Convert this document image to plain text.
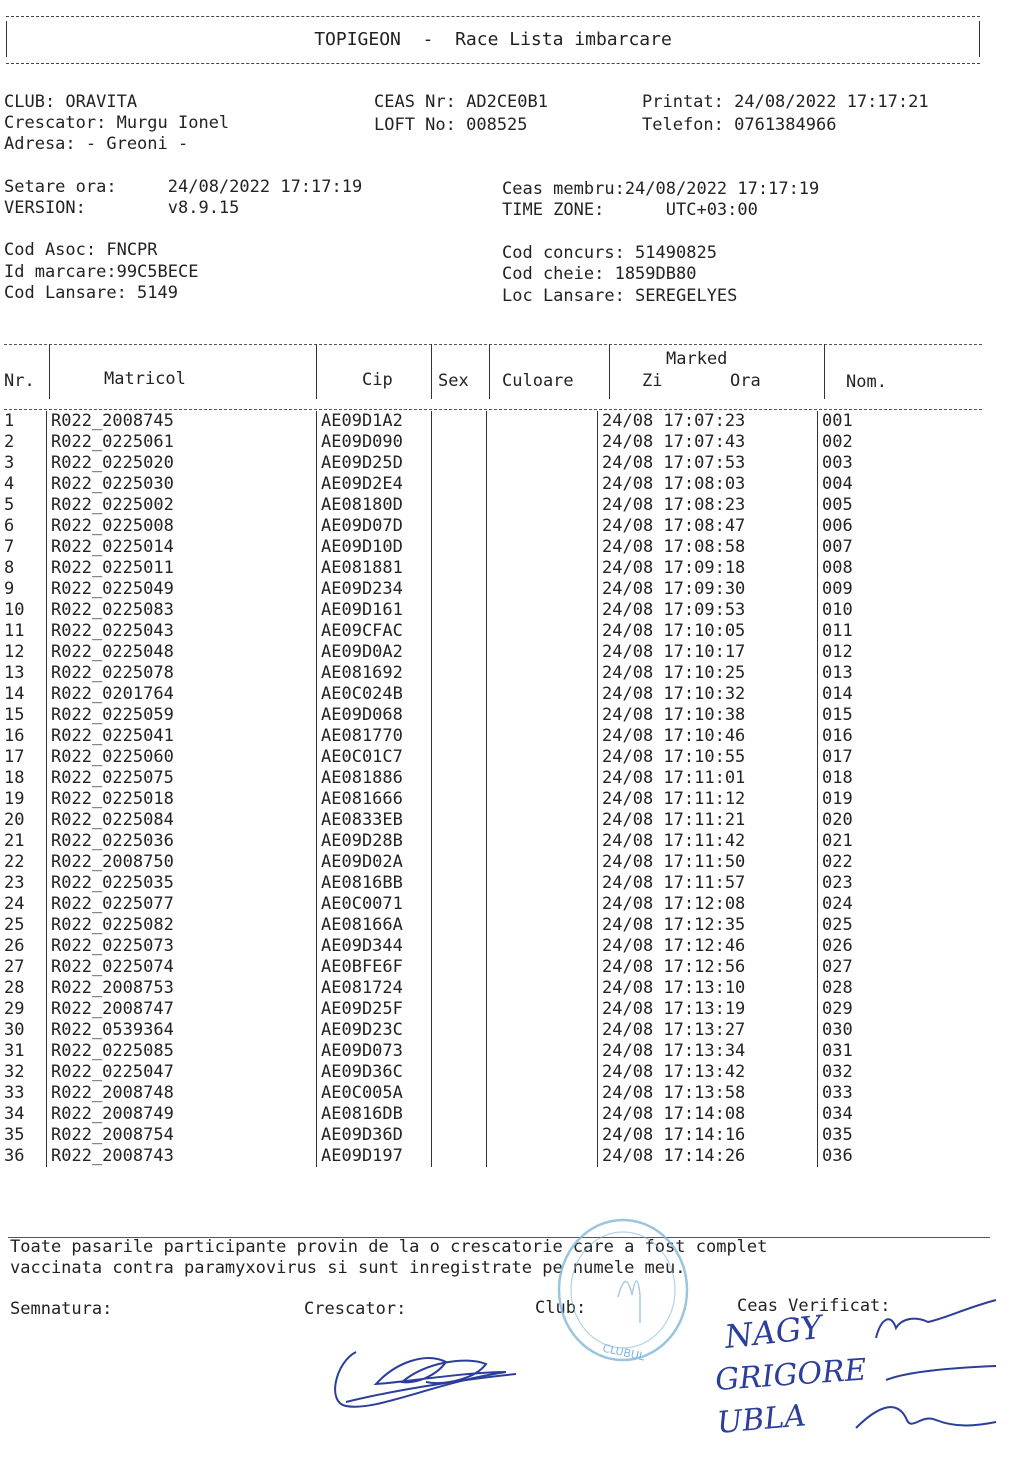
TOPIGEON  -  Race Lista imbarcare
CLUB: ORAVITA
Crescator: Murgu Ionel
Adresa: - Greoni -
CEAS Nr: AD2CE0B1
LOFT No: 008525
Printat: 24/08/2022 17:17:21
Telefon: 0761384966
Setare ora:     24/08/2022 17:17:19
VERSION:        v8.9.15
Ceas membru:24/08/2022 17:17:19
TIME ZONE:      UTC+03:00
Cod Asoc: FNCPR
Id marcare:99C5BECE
Cod Lansare: 5149
Cod concurs: 51490825
Cod cheie: 1859DB80
Loc Lansare: SEREGELYES
Nr.	Matricol	Cip	Sex Culoare
Marked
Zi	Ora	Nom.
1	R022_2008745	AE09D1A2			24/08 17:07:23	001
2	R022_0225061	AE09D090			24/08 17:07:43	002
3	R022_0225020	AE09D25D			24/08 17:07:53	003
4	R022_0225030	AE09D2E4			24/08 17:08:03	004
5	R022_0225002	AE08180D			24/08 17:08:23	005
6	R022_0225008	AE09D07D			24/08 17:08:47	006
7	R022_0225014	AE09D10D			24/08 17:08:58	007
8	R022_0225011	AE081881			24/08 17:09:18	008
9	R022_0225049	AE09D234			24/08 17:09:30	009
10	R022_0225083	AE09D161			24/08 17:09:53	010
11	R022_0225043	AE09CFAC			24/08 17:10:05	011
12	R022_0225048	AE09D0A2			24/08 17:10:17	012
13	R022_0225078	AE081692			24/08 17:10:25	013
14	R022_0201764	AE0C024B			24/08 17:10:32	014
15	R022_0225059	AE09D068			24/08 17:10:38	015
16	R022_0225041	AE081770			24/08 17:10:46	016
17	R022_0225060	AE0C01C7			24/08 17:10:55	017
18	R022_0225075	AE081886			24/08 17:11:01	018
19	R022_0225018	AE081666			24/08 17:11:12	019
20	R022_0225084	AE0833EB			24/08 17:11:21	020
21	R022_0225036	AE09D28B			24/08 17:11:42	021
22	R022_2008750	AE09D02A			24/08 17:11:50	022
23	R022_0225035	AE0816BB			24/08 17:11:57	023
24	R022_0225077	AE0C0071			24/08 17:12:08	024
25	R022_0225082	AE08166A			24/08 17:12:35	025
26	R022_0225073	AE09D344			24/08 17:12:46	026
27	R022_0225074	AE0BFE6F			24/08 17:12:56	027
28	R022_2008753	AE081724			24/08 17:13:10	028
29	R022_2008747	AE09D25F			24/08 17:13:19	029
30	R022_0539364	AE09D23C			24/08 17:13:27	030
31	R022_0225085	AE09D073			24/08 17:13:34	031
32	R022_0225047	AE09D36C			24/08 17:13:42	032
33	R022_2008748	AE0C005A			24/08 17:13:58	033
34	R022_2008749	AE0816DB			24/08 17:14:08	034
35	R022_2008754	AE09D36D			24/08 17:14:16	035
36	R022_2008743	AE09D197			24/08 17:14:26	036
Toate pasarile participante provin de la o crescatorie care a fost complet
vaccinata contra paramyxovirus si sunt inregistrate pe numele meu.
Semnatura:	Crescator:	Club:	Ceas Verificat:
CLUBUL NAGY
GRIGORE
UBLA
